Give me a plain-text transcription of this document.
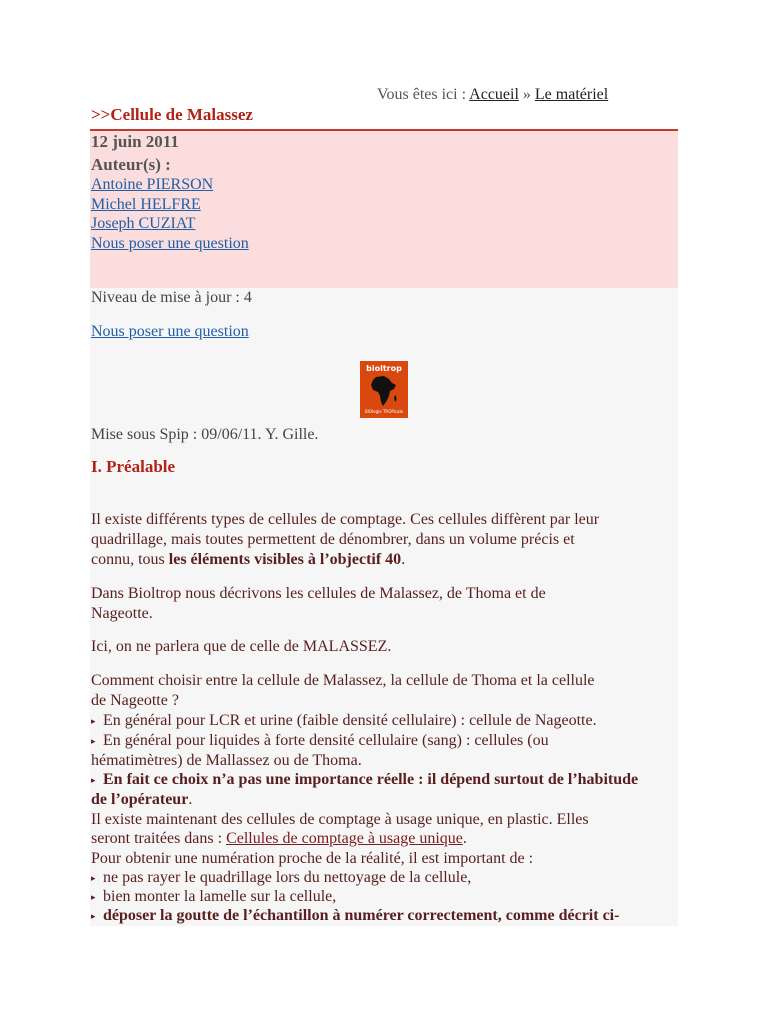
Vous êtes ici : Accueil » Le matériel
>>Cellule de Malassez
12 juin 2011
Auteur(s) :
Antoine PIERSON
Michel HELFRE
Joseph CUZIAT
Nous poser une question
Niveau de mise à jour : 4
Nous poser une question
bioltrop
BIOlogie TROPicale
Mise sous Spip : 09/06/11. Y. Gille.
I. Préalable
Il existe différents types de cellules de comptage. Ces cellules diffèrent par leur
quadrillage, mais toutes permettent de dénombrer, dans un volume précis et
connu, tous les éléments visibles à l’objectif 40.
Dans Bioltrop nous décrivons les cellules de Malassez, de Thoma et de
Nageotte.
Ici, on ne parlera que de celle de MALASSEZ.
Comment choisir entre la cellule de Malassez, la cellule de Thoma et la cellule
de Nageotte ?
▸ En général pour LCR et urine (faible densité cellulaire) : cellule de Nageotte.
▸ En général pour liquides à forte densité cellulaire (sang) : cellules (ou
hématimètres) de Mallassez ou de Thoma.
▸ En fait ce choix n’a pas une importance réelle : il dépend surtout de l’habitude
de l’opérateur.
Il existe maintenant des cellules de comptage à usage unique, en plastic. Elles
seront traitées dans : Cellules de comptage à usage unique.
Pour obtenir une numération proche de la réalité, il est important de :
▸ ne pas rayer le quadrillage lors du nettoyage de la cellule,
▸ bien monter la lamelle sur la cellule,
▸ déposer la goutte de l’échantillon à numérer correctement, comme décrit ci-
